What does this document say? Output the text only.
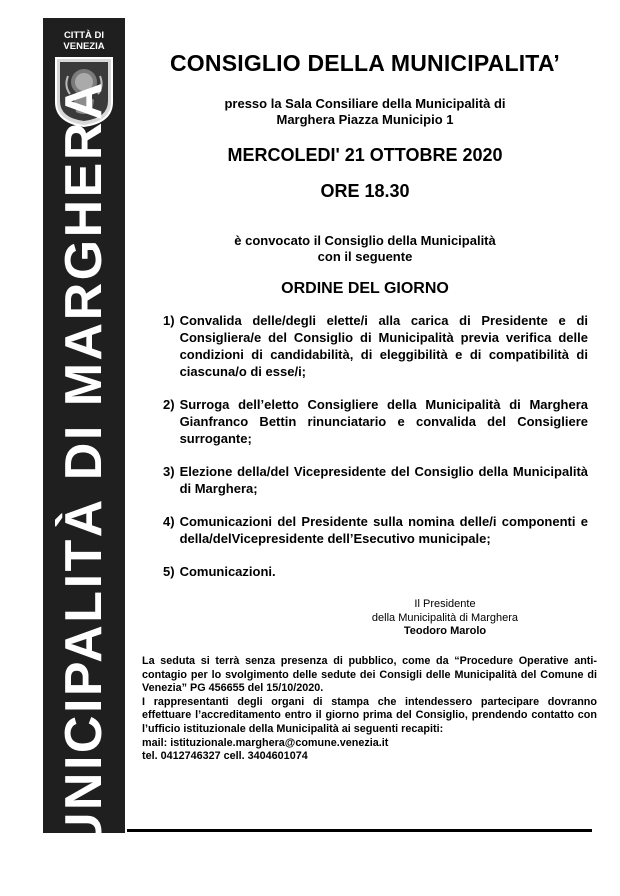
CITTÀ DI
VENEZIA
MUNICIPALITÀ DI MARGHERA
CONSIGLIO DELLA MUNICIPALITA’
presso la Sala Consiliare della Municipalità di
Marghera Piazza Municipio 1
MERCOLEDI' 21 OTTOBRE 2020
ORE 18.30
è convocato il Consiglio della Municipalità
con il seguente
ORDINE DEL GIORNO
1) Convalida delle/degli elette/i alla carica di Presidente e di Consigliera/e del Consiglio di Municipalità previa verifica delle condizioni di candidabilità, di eleggibilità e di compatibilità di ciascuna/o di esse/i;
2) Surroga dell’eletto Consigliere della Municipalità di Marghera Gianfranco Bettin rinunciatario e convalida del Consigliere surrogante;
3) Elezione della/del Vicepresidente del Consiglio della Municipalità di Marghera;
4) Comunicazioni del Presidente sulla nomina delle/i componenti e della/delVicepresidente dell’Esecutivo municipale;
5) Comunicazioni.
Il Presidente
della Municipalità di Marghera
Teodoro Marolo

La seduta si terrà senza presenza di pubblico, come da “Procedure Operative anti-contagio per lo svolgimento delle sedute dei Consigli delle Municipalità del Comune di Venezia” PG 456655 del 15/10/2020.

I rappresentanti degli organi di stampa che intendessero partecipare dovranno effettuare l’accreditamento entro il giorno prima del Consiglio, prendendo contatto con l’ufficio istituzionale della Municipalità ai seguenti recapiti:

mail: istituzionale.marghera@comune.venezia.it

tel. 0412746327 cell. 3404601074
